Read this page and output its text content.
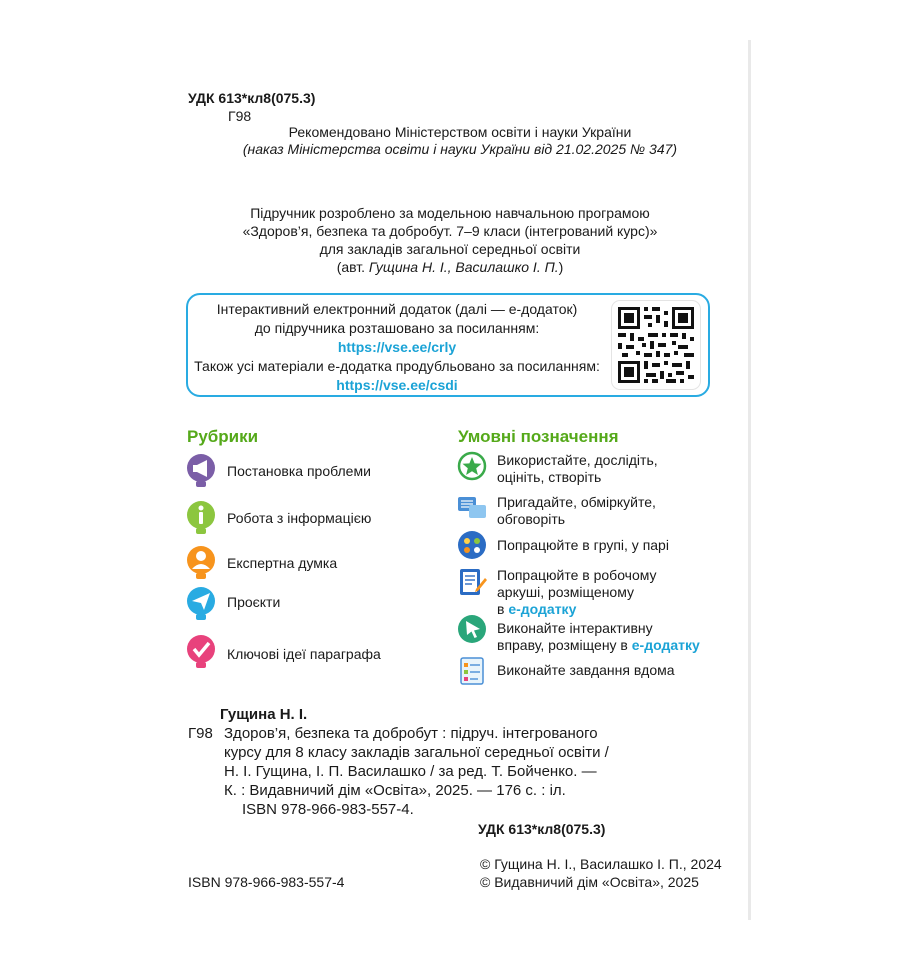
УДК 613*кл8(075.3)
Г98
Рекомендовано Міністерством освіти і науки України
(наказ Міністерства освіти і науки України від 21.02.2025 № 347)
Підручник розроблено за модельною навчальною програмою
«Здоров’я, безпека та добробут. 7–9 класи (інтегрований курс)»
для закладів загальної середньої освіти
(авт. Гущина Н. І., Василашко І. П.)
Інтерактивний електронний додаток (далі — е-додаток)
до підручника розташовано за посиланням:
https://vse.ee/crly
Також усі матеріали е-додатка продубльовано за посиланням:
https://vse.ee/csdi
Рубрики
Постановка проблеми
Робота з інформацією
Експертна думка
Проєкти
Ключові ідеї параграфа
Умовні позначення
Використайте, дослідіть,
оцініть, створіть
Пригадайте, обміркуйте,
обговоріть
Попрацюйте в групі, у парі
Попрацюйте в робочому
аркуші, розміщеному
в е-додатку
Виконайте інтерактивну
вправу, розміщену в е-додатку
Виконайте завдання вдома
Гущина Н. І.
Г98 Здоров’я, безпека та добробут : підруч. інтегрованого
курсу для 8 класу закладів загальної середньої освіти /
Н. І. Гущина, І. П. Василашко / за ред. Т. Бойченко. —
К. : Видавничий дім «Освіта», 2025. — 176 с. : іл.
ISBN 978-966-983-557-4.
УДК 613*кл8(075.3)
© Гущина Н. І., Василашко І. П., 2024
© Видавничий дім «Освіта», 2025
ISBN 978-966-983-557-4
